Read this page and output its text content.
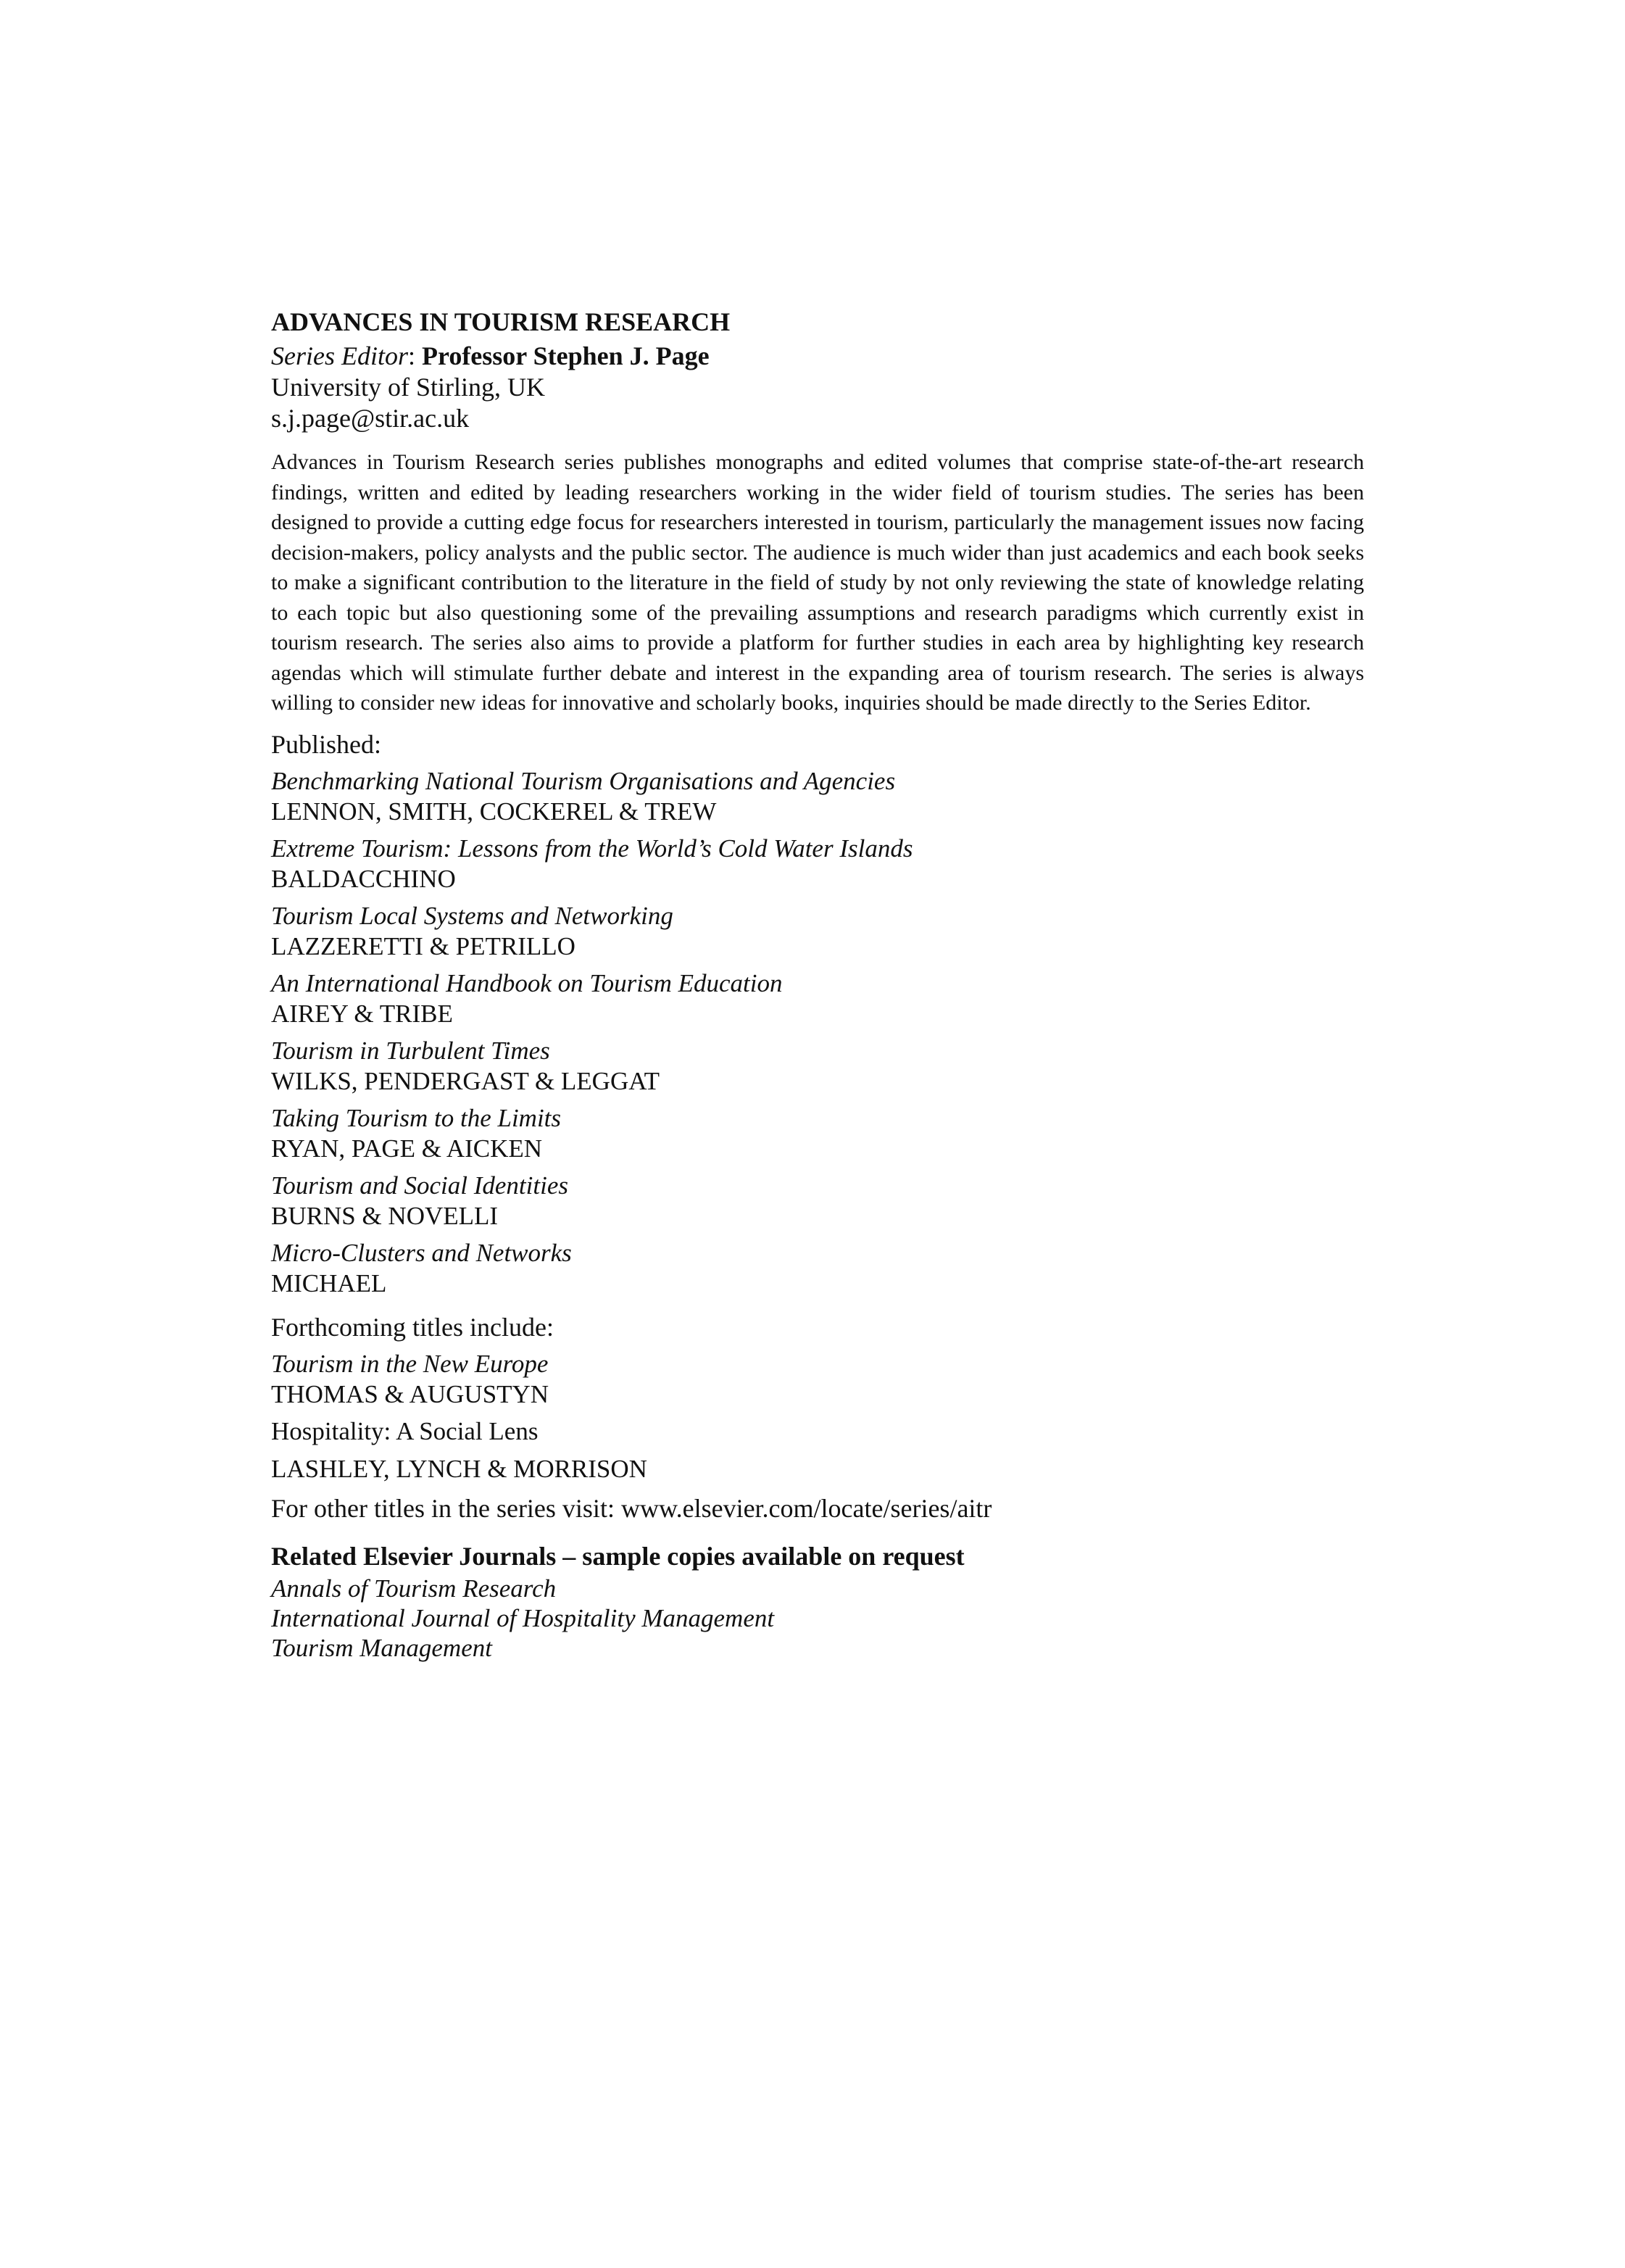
ADVANCES IN TOURISM RESEARCH
Series Editor: Professor Stephen J. Page
University of Stirling, UK
s.j.page@stir.ac.uk

Advances in Tourism Research series publishes monographs and edited volumes that comprise state-of-the-art research findings, written and edited by leading researchers working in the wider field of tourism studies. The series has been designed to provide a cutting edge focus for researchers interested in tourism, particularly the management issues now facing decision-makers, policy analysts and the public sector. The audience is much wider than just academics and each book seeks to make a significant contribution to the literature in the field of study by not only reviewing the state of knowledge relating to each topic but also questioning some of the prevailing assumptions and research paradigms which currently exist in tourism research. The series also aims to provide a platform for further studies in each area by highlighting key research agendas which will stimulate further debate and interest in the expanding area of tourism research. The series is always willing to consider new ideas for innovative and scholarly books, inquiries should be made directly to the Series Editor.

Published:
Benchmarking National Tourism Organisations and Agencies
LENNON, SMITH, COCKEREL & TREW
Extreme Tourism: Lessons from the World’s Cold Water Islands
BALDACCHINO
Tourism Local Systems and Networking
LAZZERETTI & PETRILLO
An International Handbook on Tourism Education
AIREY & TRIBE
Tourism in Turbulent Times
WILKS, PENDERGAST & LEGGAT
Taking Tourism to the Limits
RYAN, PAGE & AICKEN
Tourism and Social Identities
BURNS & NOVELLI
Micro-Clusters and Networks
MICHAEL
Forthcoming titles include:
Tourism in the New Europe
THOMAS & AUGUSTYN
Hospitality: A Social Lens
LASHLEY, LYNCH & MORRISON
For other titles in the series visit: www.elsevier.com/locate/series/aitr
Related Elsevier Journals – sample copies available on request
Annals of Tourism Research
International Journal of Hospitality Management
Tourism Management
